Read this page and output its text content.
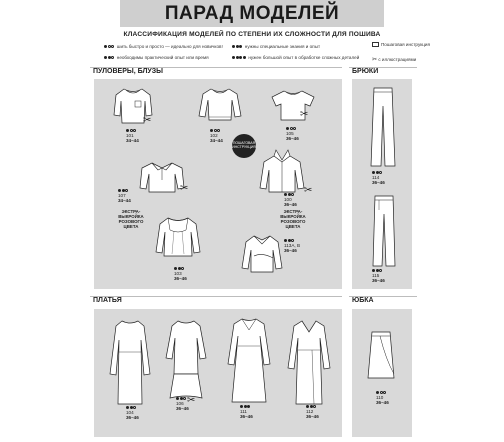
ПАРАД МОДЕЛЕЙ
КЛАССИФИКАЦИЯ МОДЕЛЕЙ ПО СТЕПЕНИ ИХ СЛОЖНОСТИ ДЛЯ ПОШИВА
шить быстро и просто — идеально для новичков!	нужны специальные знания и опыт	Пошаговая инструкция
необходимы практический опыт или время	нужен большой опыт в обработке сложных деталей ✂ с иллюстрациями
ПУЛОВЕРЫ, БЛУЗЫ	БРЮКИ
ПЛАТЬЯ	ЮБКА

101
34–44
✂

102
34–44

105
36–46
✂
ПОШАГОВАЯ ИНСТРУКЦИЯ

107
34–44
✂
ЭКСТРА-
ВЫКРОЙКА
РОЗОВОГО
ЦВЕТА

100
36–46
✂
ЭКСТРА-
ВЫКРОЙКА
РОЗОВОГО
ЦВЕТА

103
36–46

113А, В
36–46

114
36–46

115
36–46

104
36–46

106
36–46
✂

111
36–46

112
36–46

110
36–46
